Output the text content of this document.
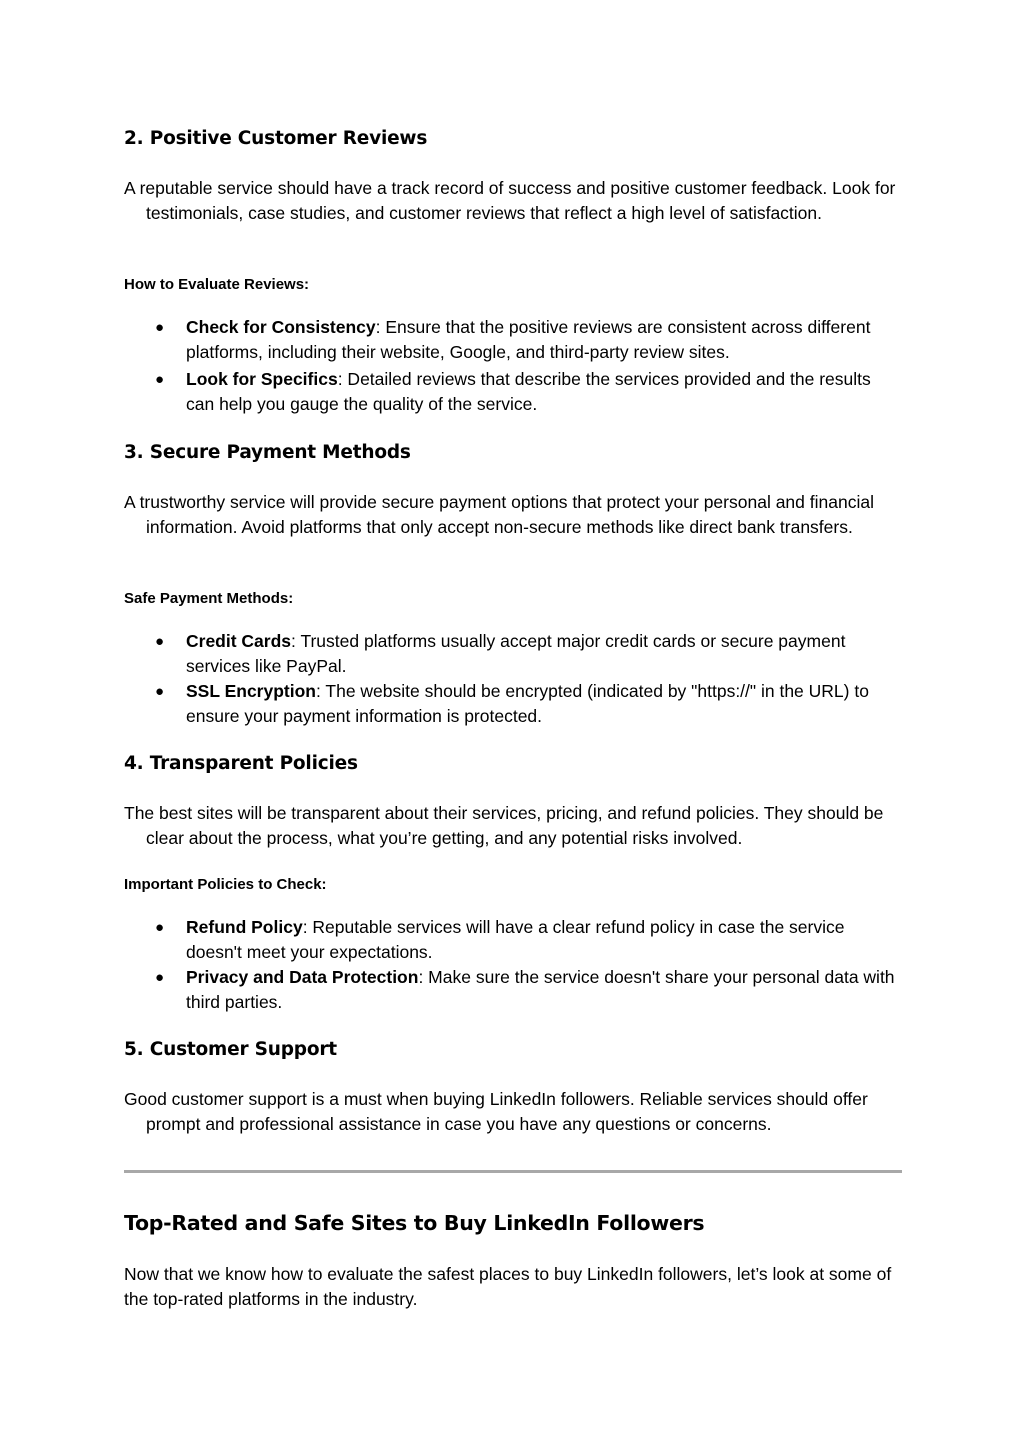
2. Positive Customer Reviews

A reputable service should have a track record of success and positive customer feedback. Look for testimonials, case studies, and customer reviews that reflect a high level of satisfaction.

How to Evaluate Reviews:
● Check for Consistency: Ensure that the positive reviews are consistent across different platforms, including their website, Google, and third-party review sites.
● Look for Specifics: Detailed reviews that describe the services provided and the results can help you gauge the quality of the service.
3. Secure Payment Methods

A trustworthy service will provide secure payment options that protect your personal and financial information. Avoid platforms that only accept non-secure methods like direct bank transfers.

Safe Payment Methods:
● Credit Cards: Trusted platforms usually accept major credit cards or secure payment services like PayPal.
● SSL Encryption: The website should be encrypted (indicated by "https://" in the URL) to ensure your payment information is protected.
4. Transparent Policies

The best sites will be transparent about their services, pricing, and refund policies. They should be clear about the process, what you’re getting, and any potential risks involved.

Important Policies to Check:
● Refund Policy: Reputable services will have a clear refund policy in case the service doesn't meet your expectations.
● Privacy and Data Protection: Make sure the service doesn't share your personal data with third parties.
5. Customer Support

Good customer support is a must when buying LinkedIn followers. Reliable services should offer prompt and professional assistance in case you have any questions or concerns.

Top-Rated and Safe Sites to Buy LinkedIn Followers

Now that we know how to evaluate the safest places to buy LinkedIn followers, let’s look at some of the top-rated platforms in the industry.
